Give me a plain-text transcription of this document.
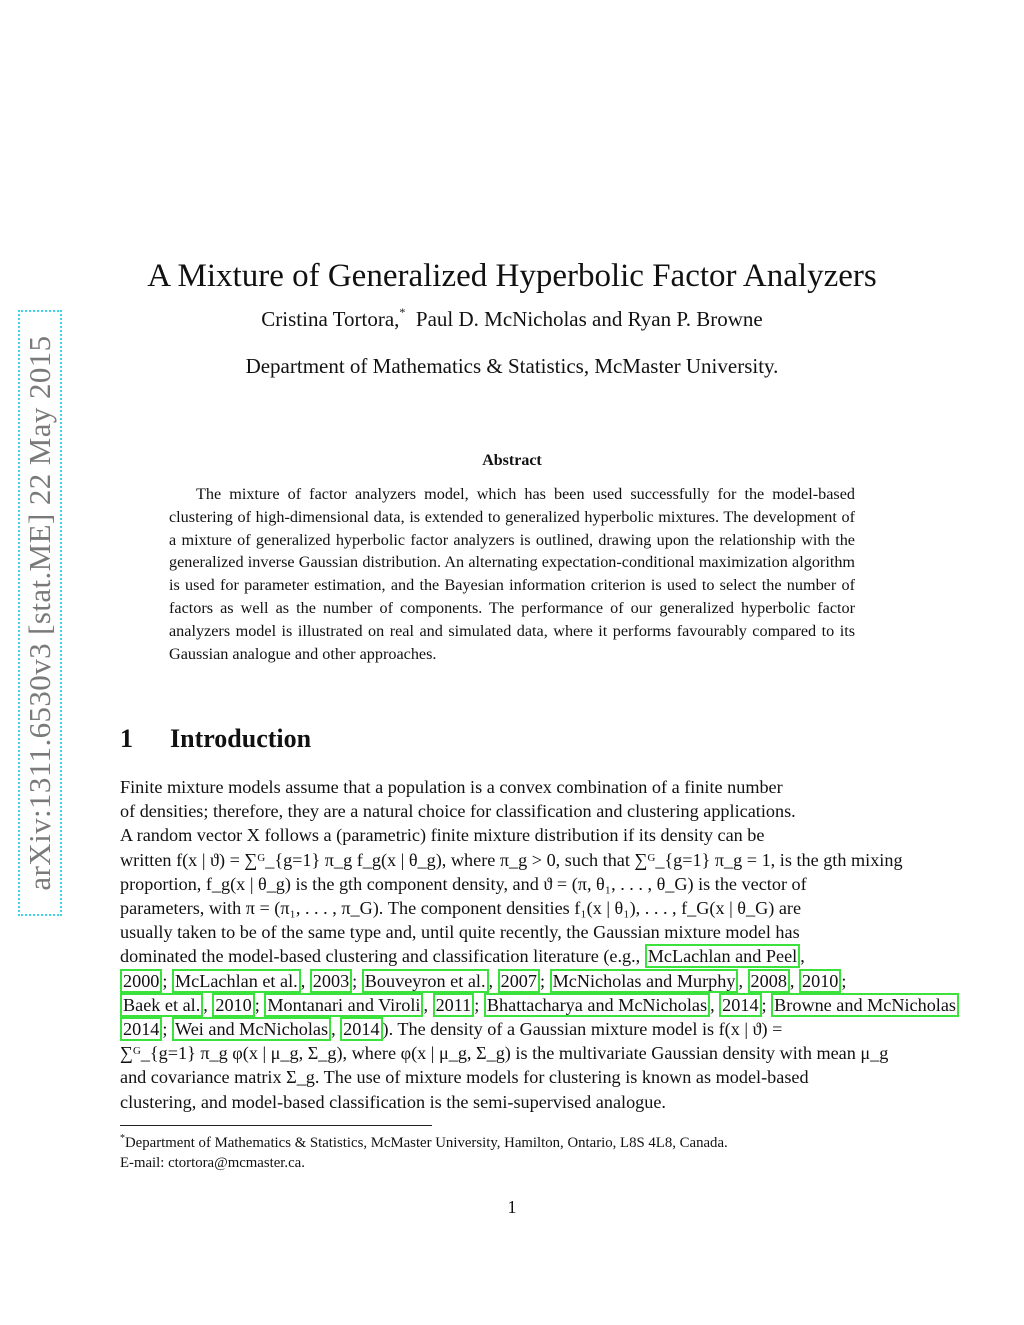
arXiv:1311.6530v3 [stat.ME] 22 May 2015
A Mixture of Generalized Hyperbolic Factor Analyzers
Cristina Tortora,*  Paul D. McNicholas and Ryan P. Browne
Department of Mathematics & Statistics, McMaster University.
Abstract

The mixture of factor analyzers model, which has been used successfully for the model-based clustering of high-dimensional data, is extended to generalized hyperbolic mixtures. The development of a mixture of generalized hyperbolic factor analyzers is outlined, drawing upon the relationship with the generalized inverse Gaussian distribution. An alternating expectation-conditional maximization algorithm is used for parameter estimation, and the Bayesian information criterion is used to select the number of factors as well as the number of components. The performance of our generalized hyperbolic factor analyzers model is illustrated on real and simulated data, where it performs favourably compared to its Gaussian analogue and other approaches.

1 Introduction
Finite mixture models assume that a population is a convex combination of a finite number
of densities; therefore, they are a natural choice for classification and clustering applications.
A random vector X follows a (parametric) finite mixture distribution if its density can be
written f(x | ϑ) = ∑ᴳ_{g=1} π_g f_g(x | θ_g), where π_g > 0, such that ∑ᴳ_{g=1} π_g = 1, is the gth mixing
proportion, f_g(x | θ_g) is the gth component density, and ϑ = (π, θ₁, . . . , θ_G) is the vector of
parameters, with π = (π₁, . . . , π_G). The component densities f₁(x | θ₁), . . . , f_G(x | θ_G) are
usually taken to be of the same type and, until quite recently, the Gaussian mixture model has
dominated the model-based clustering and classification literature (e.g., McLachlan and Peel ,
2000 ; McLachlan et al. , 2003 ; Bouveyron et al. , 2007 ; McNicholas and Murphy , 2008 , 2010 ;
Baek et al. , 2010 ; Montanari and Viroli , 2011 ; Bhattacharya and McNicholas , 2014 ; Browne and McNicholas
2014 ; Wei and McNicholas , 2014 ). The density of a Gaussian mixture model is f(x | ϑ) =
∑ᴳ_{g=1} π_g φ(x | μ_g, Σ_g), where φ(x | μ_g, Σ_g) is the multivariate Gaussian density with mean μ_g
and covariance matrix Σ_g. The use of mixture models for clustering is known as model-based
clustering, and model-based classification is the semi-supervised analogue.

*Department of Mathematics & Statistics, McMaster University, Hamilton, Ontario, L8S 4L8, Canada.
E-mail: ctortora@mcmaster.ca.

1
